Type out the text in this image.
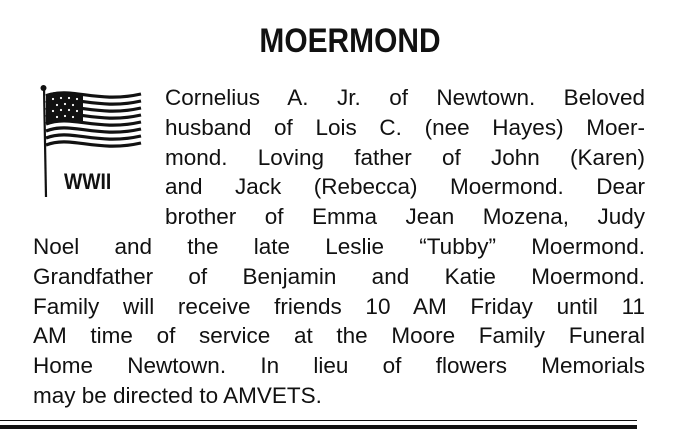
MOERMOND
WWII
Cornelius A. Jr. of Newtown. Beloved
husband of Lois C. (nee Hayes) Moer-
mond. Loving father of John (Karen)
and Jack (Rebecca) Moermond. Dear
brother of Emma Jean Mozena, Judy
Noel and the late Leslie “Tubby” Moermond.
Grandfather of Benjamin and Katie Moermond.
Family will receive friends 10 AM Friday until 11
AM time of service at the Moore Family Funeral
Home Newtown. In lieu of flowers Memorials
may be directed to AMVETS.
